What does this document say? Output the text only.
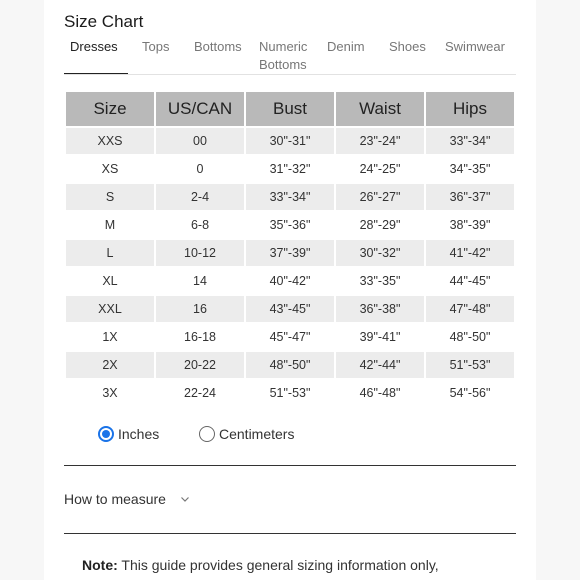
Size Chart
Dresses Tops Bottoms Numeric
Bottoms
Denim Shoes Swimwear
Size	US/CAN	Bust	Waist	Hips
XXS	00	30"-31"	23"-24"	33"-34"
XS	0	31"-32"	24"-25"	34"-35"
S	2-4	33"-34"	26"-27"	36"-37"
M	6-8	35"-36"	28"-29"	38"-39"
L	10-12	37"-39"	30"-32"	41"-42"
XL	14	40"-42"	33"-35"	44"-45"
XXL	16	43"-45"	36"-38"	47"-48"
1X	16-18	45"-47"	39"-41"	48"-50"
2X	20-22	48"-50"	42"-44"	51"-53"
3X	22-24	51"-53"	46"-48"	54"-56"
Inches	Centimeters
How to measure
Note: This guide provides general sizing information only,
